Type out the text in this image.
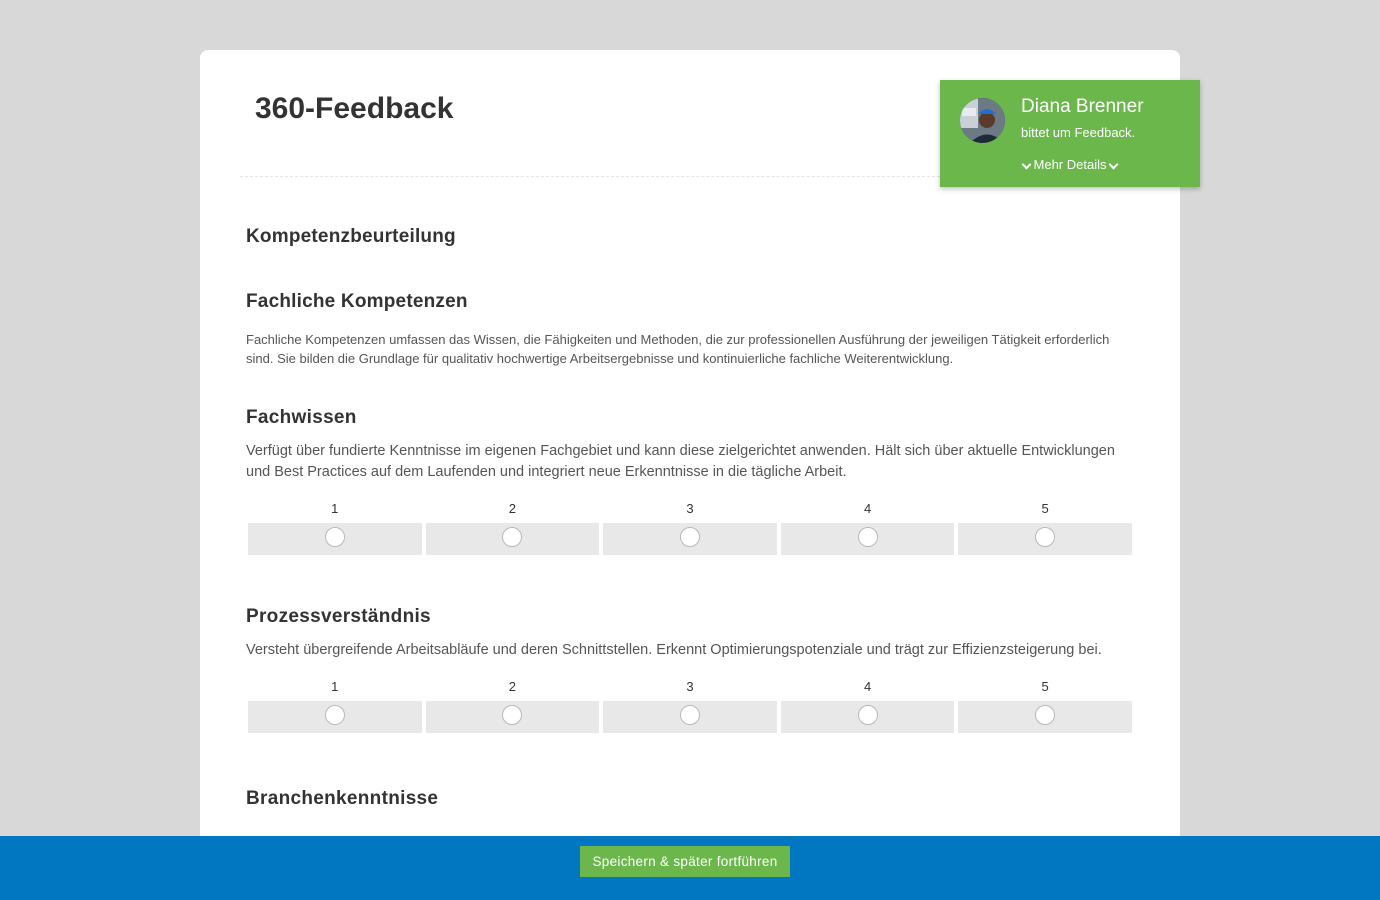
360-Feedback
Kompetenzbeurteilung
Fachliche Kompetenzen

Fachliche Kompetenzen umfassen das Wissen, die Fähigkeiten und Methoden, die zur professionellen Ausführung der jeweiligen Tätigkeit erforderlich sind. Sie bilden die Grundlage für qualitativ hochwertige Arbeitsergebnisse und kontinuierliche fachliche Weiterentwicklung.

Fachwissen

Verfügt über fundierte Kenntnisse im eigenen Fachgebiet und kann diese zielgerichtet anwenden. Hält sich über aktuelle Entwicklungen und Best Practices auf dem Laufenden und integriert neue Erkenntnisse in die tägliche Arbeit.

1	2	3	4	5
Prozessverständnis

Versteht übergreifende Arbeitsabläufe und deren Schnittstellen. Erkennt Optimierungspotenziale und trägt zur Effizienzsteigerung bei.

1	2	3	4	5
Branchenkenntnisse
Diana Brenner
bittet um Feedback.
Mehr Details
Speichern & später fortführen
